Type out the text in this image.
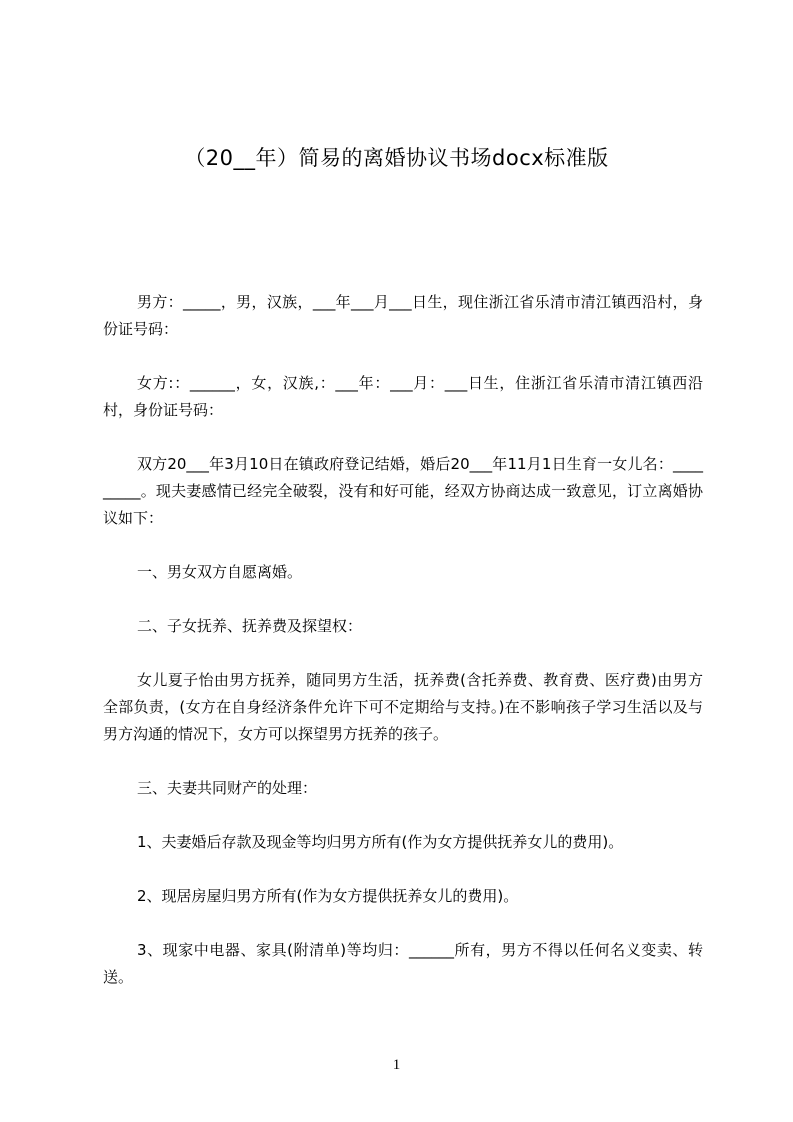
（20__年）简易的离婚协议书场docx标准版

男方：_____，男，汉族，___年___月___日生，现住浙江省乐清市清江镇西沿村，身份证号码：

女方:：______，女，汉族,：___年：___月：___日生，住浙江省乐清市清江镇西沿村，身份证号码：

双方20___年3月10日在镇政府登记结婚，婚后20___年11月1日生育一女儿名：_________。现夫妻感情已经完全破裂，没有和好可能，经双方协商达成一致意见，订立离婚协议如下：

一、男女双方自愿离婚。

二、子女抚养、抚养费及探望权：

女儿夏子怡由男方抚养，随同男方生活，抚养费(含托养费、教育费、医疗费)由男方全部负责，(女方在自身经济条件允许下可不定期给与支持。)在不影响孩子学习生活以及与男方沟通的情况下，女方可以探望男方抚养的孩子。

三、夫妻共同财产的处理：

1、夫妻婚后存款及现金等均归男方所有(作为女方提供抚养女儿的费用)。

2、现居房屋归男方所有(作为女方提供抚养女儿的费用)。

3、现家中电器、家具(附清单)等均归：______所有，男方不得以任何名义变卖、转送。

1
